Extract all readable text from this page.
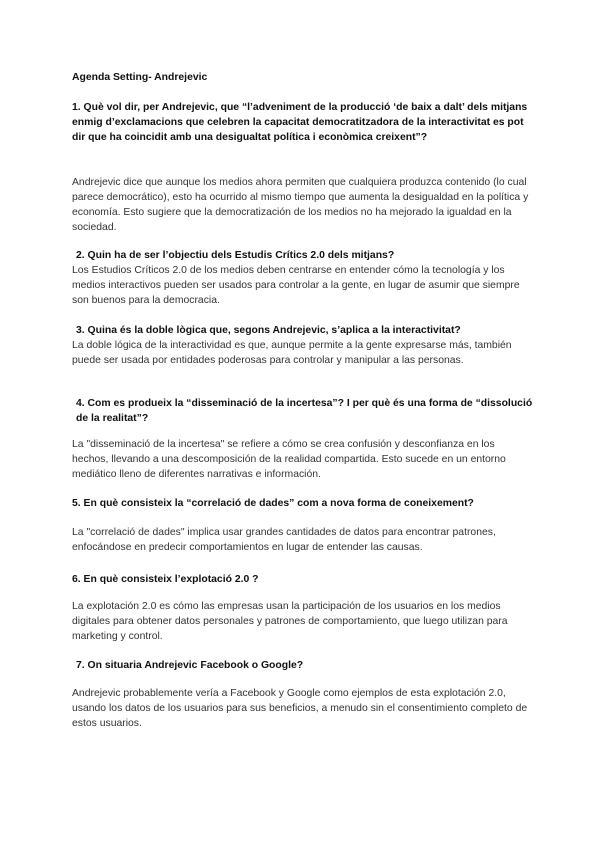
Agenda Setting- Andrejevic
1. Què vol dir, per Andrejevic, que “l’adveniment de la producció ‘de baix a dalt’ dels mitjans enmig d’exclamacions que celebren la capacitat democratitzadora de la interactivitat es pot dir que ha coincidit amb una desigualtat política i econòmica creixent”?
Andrejevic dice que aunque los medios ahora permiten que cualquiera produzca contenido (lo cual parece democrático), esto ha ocurrido al mismo tiempo que aumenta la desigualdad en la política y economía. Esto sugiere que la democratización de los medios no ha mejorado la igualdad en la sociedad.
2. Quin ha de ser l’objectiu dels Estudis Crítics 2.0 dels mitjans?
Los Estudios Críticos 2.0 de los medios deben centrarse en entender cómo la tecnología y los medios interactivos pueden ser usados para controlar a la gente, en lugar de asumir que siempre son buenos para la democracia.
3. Quina és la doble lògica que, segons Andrejevic, s’aplica a la interactivitat?
La doble lógica de la interactividad es que, aunque permite a la gente expresarse más, también puede ser usada por entidades poderosas para controlar y manipular a las personas.
4. Com es produeix la “disseminació de la incertesa”? I per què és una forma de “dissolució de la realitat”?
La "disseminació de la incertesa" se refiere a cómo se crea confusión y desconfianza en los hechos, llevando a una descomposición de la realidad compartida. Esto sucede en un entorno mediático lleno de diferentes narrativas e información.
5. En què consisteix la “correlació de dades” com a nova forma de coneixement?
La "correlació de dades" implica usar grandes cantidades de datos para encontrar patrones, enfocándose en predecir comportamientos en lugar de entender las causas.
6. En què consisteix l’explotació 2.0 ?
La explotación 2.0 es cómo las empresas usan la participación de los usuarios en los medios digitales para obtener datos personales y patrones de comportamiento, que luego utilizan para marketing y control.
7. On situaria Andrejevic Facebook o Google?
Andrejevic probablemente vería a Facebook y Google como ejemplos de esta explotación 2.0, usando los datos de los usuarios para sus beneficios, a menudo sin el consentimiento completo de estos usuarios.
